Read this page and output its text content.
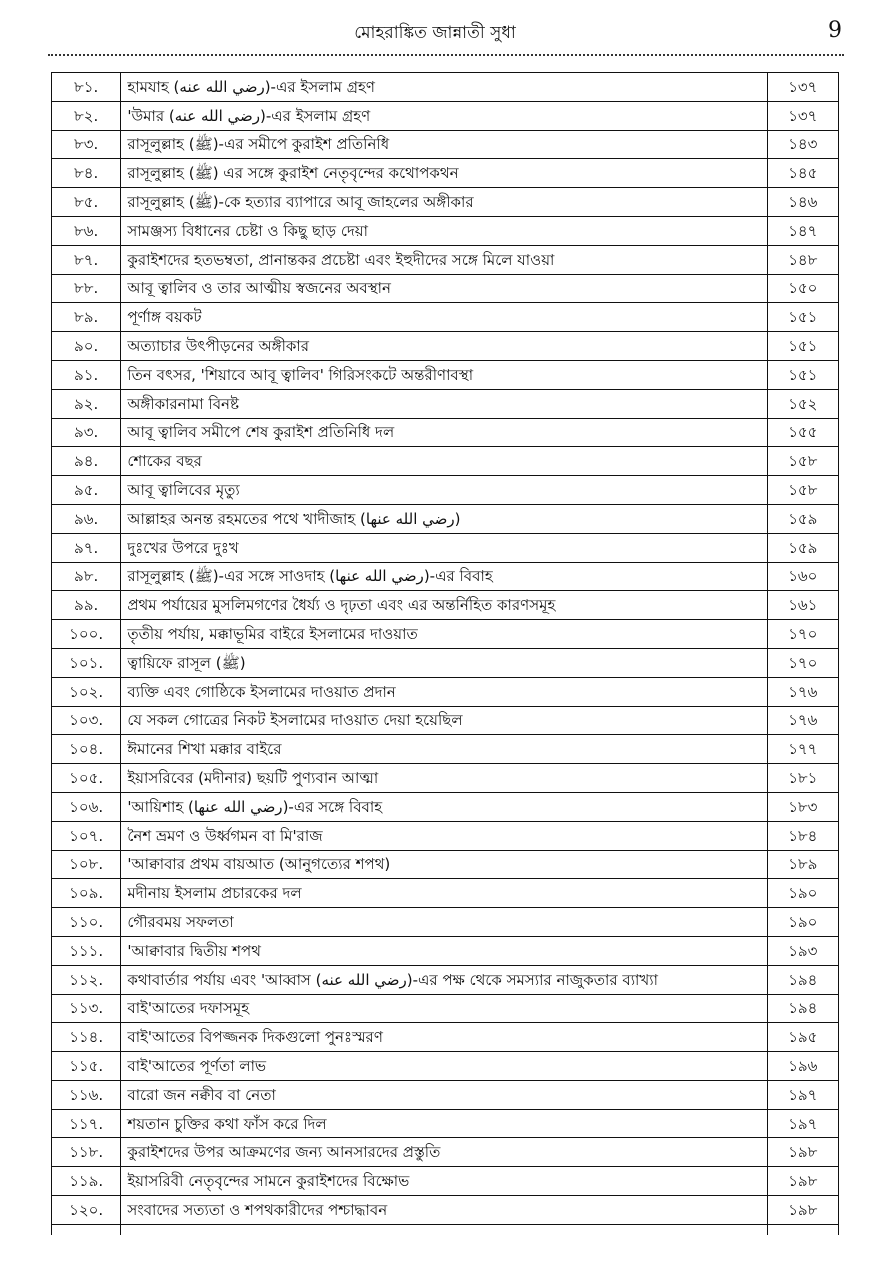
মোহরাঙ্কিত জান্নাতী সুধা	9
৮১.	হামযাহ (رضي الله عنه)-এর ইসলাম গ্রহণ	১৩৭
৮২.	'উমার (رضي الله عنه)-এর ইসলাম গ্রহণ	১৩৭
৮৩.	রাসূলুল্লাহ (ﷺ)-এর সমীপে কুরাইশ প্রতিনিধি	১৪৩
৮৪.	রাসূলুল্লাহ (ﷺ) এর সঙ্গে কুরাইশ নেতৃবৃন্দের কথোপকথন	১৪৫
৮৫.	রাসূলুল্লাহ (ﷺ)-কে হত্যার ব্যাপারে আবূ জাহলের অঙ্গীকার	১৪৬
৮৬.	সামঞ্জস্য বিধানের চেষ্টা ও কিছু ছাড় দেয়া	১৪৭
৮৭.	কুরাইশদের হতভম্বতা, প্রানান্তকর প্রচেষ্টা এবং ইহুদীদের সঙ্গে মিলে যাওয়া	১৪৮
৮৮.	আবূ ত্বালিব ও তার আত্মীয় স্বজনের অবস্থান	১৫০
৮৯.	পূর্ণাঙ্গ বয়কট	১৫১
৯০.	অত্যাচার উৎপীড়নের অঙ্গীকার	১৫১
৯১.	তিন বৎসর, 'শিয়াবে আবূ ত্বালিব' গিরিসংকটে অন্তরীণাবস্থা	১৫১
৯২.	অঙ্গীকারনামা বিনষ্ট	১৫২
৯৩.	আবূ ত্বালিব সমীপে শেষ কুরাইশ প্রতিনিধি দল	১৫৫
৯৪.	শোকের বছর	১৫৮
৯৫.	আবূ ত্বালিবের মৃত্যু	১৫৮
৯৬.	আল্লাহর অনন্ত রহমতের পথে খাদীজাহ (رضي الله عنها)	১৫৯
৯৭.	দুঃখের উপরে দুঃখ	১৫৯
৯৮.	রাসূলুল্লাহ (ﷺ)-এর সঙ্গে সাওদাহ (رضي الله عنها)-এর বিবাহ	১৬০
৯৯.	প্রথম পর্যায়ের মুসলিমগণের ধৈর্য্য ও দৃঢ়তা এবং এর অন্তর্নিহিত কারণসমূহ	১৬১
১০০.	তৃতীয় পর্যায়, মক্কাভূমির বাইরে ইসলামের দাওয়াত	১৭০
১০১.	ত্বায়িফে রাসূল (ﷺ)	১৭০
১০২.	ব্যক্তি এবং গোষ্ঠিকে ইসলামের দাওয়াত প্রদান	১৭৬
১০৩.	যে সকল গোত্রের নিকট ইসলামের দাওয়াত দেয়া হয়েছিল	১৭৬
১০৪.	ঈমানের শিখা মক্কার বাইরে	১৭৭
১০৫.	ইয়াসরিবের (মদীনার) ছয়টি পুণ্যবান আত্মা	১৮১
১০৬.	'আয়িশাহ (رضي الله عنها)-এর সঙ্গে বিবাহ	১৮৩
১০৭.	নৈশ ভ্রমণ ও উর্ধ্বগমন বা মি'রাজ	১৮৪
১০৮.	'আক্বাবার প্রথম বায়আত (আনুগত্যের শপথ)	১৮৯
১০৯.	মদীনায় ইসলাম প্রচারকের দল	১৯০
১১০.	গৌরবময় সফলতা	১৯০
১১১.	'আক্বাবার দ্বিতীয় শপথ	১৯৩
১১২.	কথাবার্তার পর্যায় এবং 'আব্বাস (رضي الله عنه)-এর পক্ষ থেকে সমস্যার নাজুকতার ব্যাখ্যা	১৯৪
১১৩.	বাই'আতের দফাসমূহ	১৯৪
১১৪.	বাই'আতের বিপজ্জনক দিকগুলো পুনঃস্মরণ	১৯৫
১১৫.	বাই'আতের পূর্ণতা লাভ	১৯৬
১১৬.	বারো জন নক্বীব বা নেতা	১৯৭
১১৭.	শয়তান চুক্তির কথা ফাঁস করে দিল	১৯৭
১১৮.	কুরাইশদের উপর আক্রমণের জন্য আনসারদের প্রস্তুতি	১৯৮
১১৯.	ইয়াসরিবী নেতৃবৃন্দের সামনে কুরাইশদের বিক্ষোভ	১৯৮
১২০.	সংবাদের সত্যতা ও শপথকারীদের পশ্চাদ্ধাবন	১৯৮
